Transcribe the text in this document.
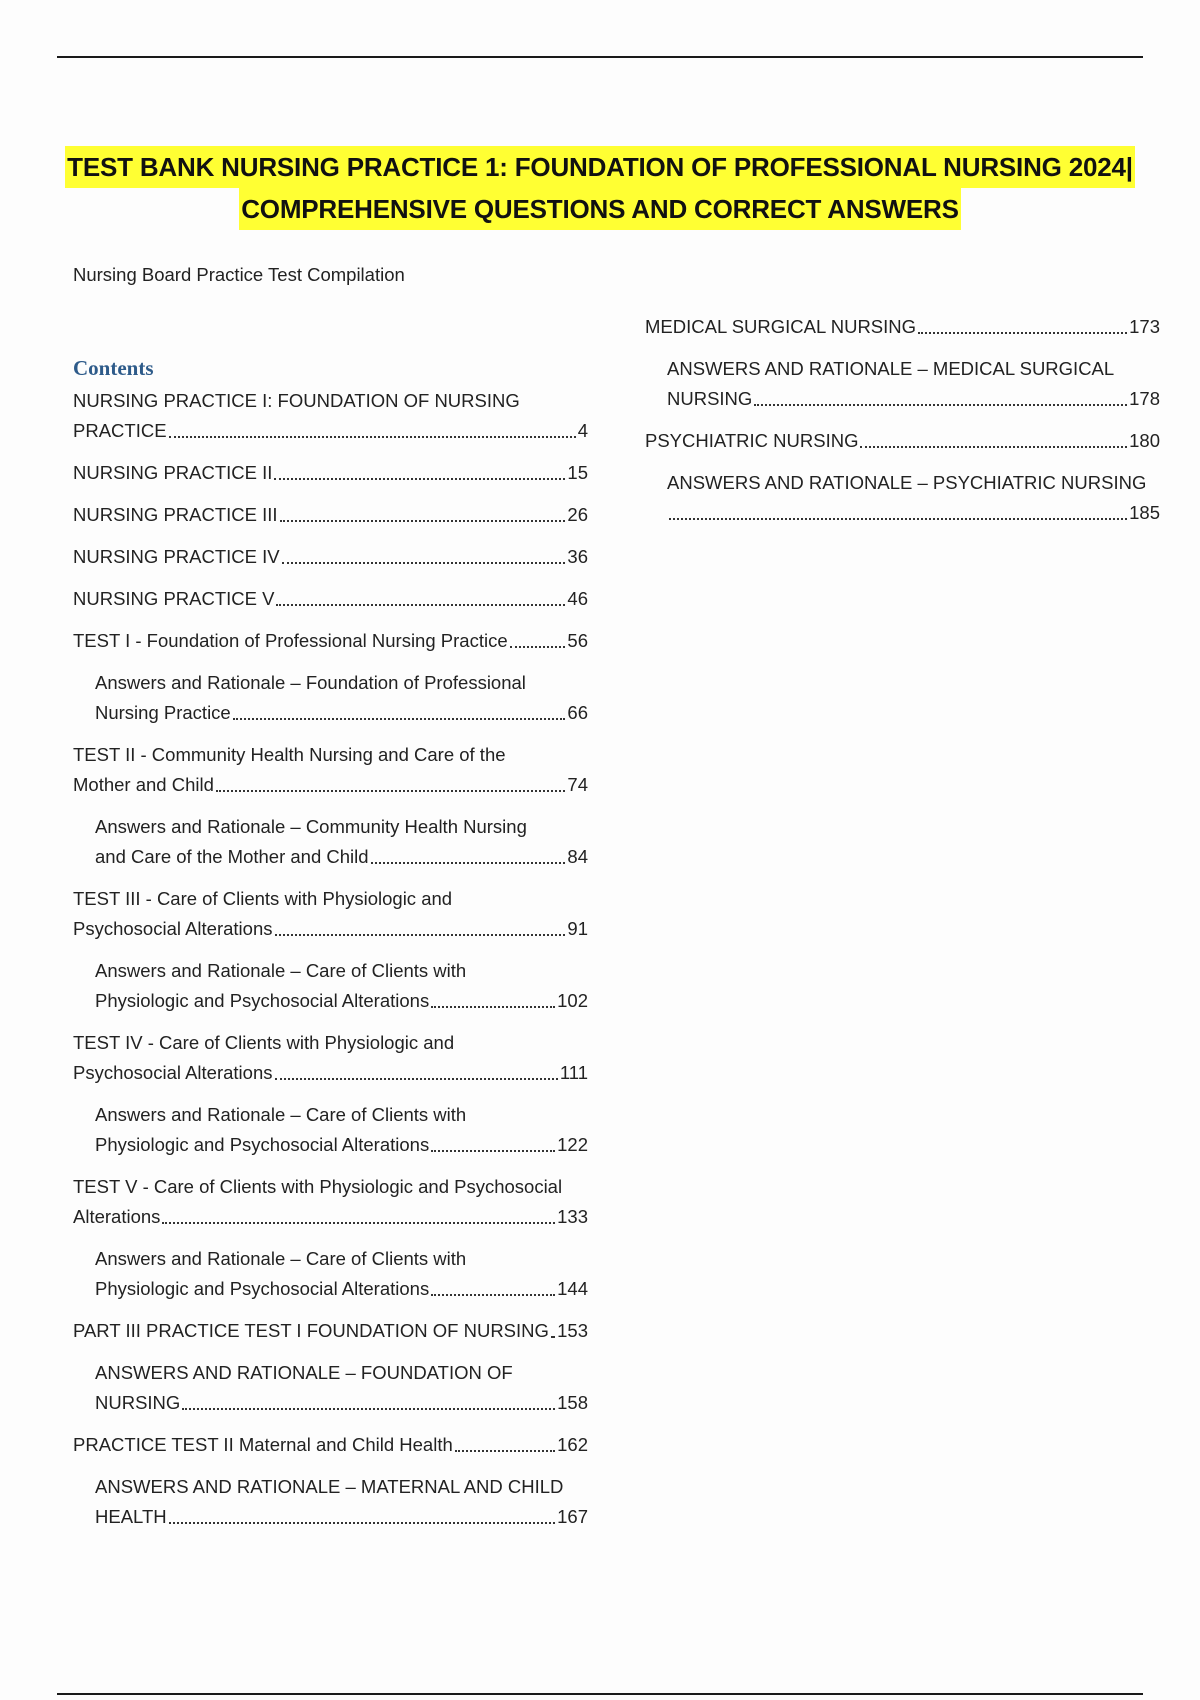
TEST BANK NURSING PRACTICE 1: FOUNDATION OF PROFESSIONAL NURSING 2024|
COMPREHENSIVE QUESTIONS AND CORRECT ANSWERS
Nursing Board Practice Test Compilation
Contents
NURSING PRACTICE I: FOUNDATION OF NURSING
PRACTICE	4
NURSING PRACTICE II	15
NURSING PRACTICE III	26
NURSING PRACTICE IV	36
NURSING PRACTICE V	46
TEST I - Foundation of Professional Nursing Practice	56
Answers and Rationale – Foundation of Professional
Nursing Practice	66
TEST II - Community Health Nursing and Care of the
Mother and Child	74
Answers and Rationale – Community Health Nursing
and Care of the Mother and Child	84
TEST III - Care of Clients with Physiologic and
Psychosocial Alterations	91
Answers and Rationale – Care of Clients with
Physiologic and Psychosocial Alterations	102
TEST IV - Care of Clients with Physiologic and
Psychosocial Alterations	111
Answers and Rationale – Care of Clients with
Physiologic and Psychosocial Alterations	122
TEST V - Care of Clients with Physiologic and Psychosocial
Alterations	133
Answers and Rationale – Care of Clients with
Physiologic and Psychosocial Alterations	144
PART III PRACTICE TEST I FOUNDATION OF NURSING 153
ANSWERS AND RATIONALE – FOUNDATION OF
NURSING	158
PRACTICE TEST II Maternal and Child Health	162
ANSWERS AND RATIONALE – MATERNAL AND CHILD
HEALTH	167
MEDICAL SURGICAL NURSING	173
ANSWERS AND RATIONALE – MEDICAL SURGICAL
NURSING	178
PSYCHIATRIC NURSING	180
ANSWERS AND RATIONALE – PSYCHIATRIC NURSING
185
